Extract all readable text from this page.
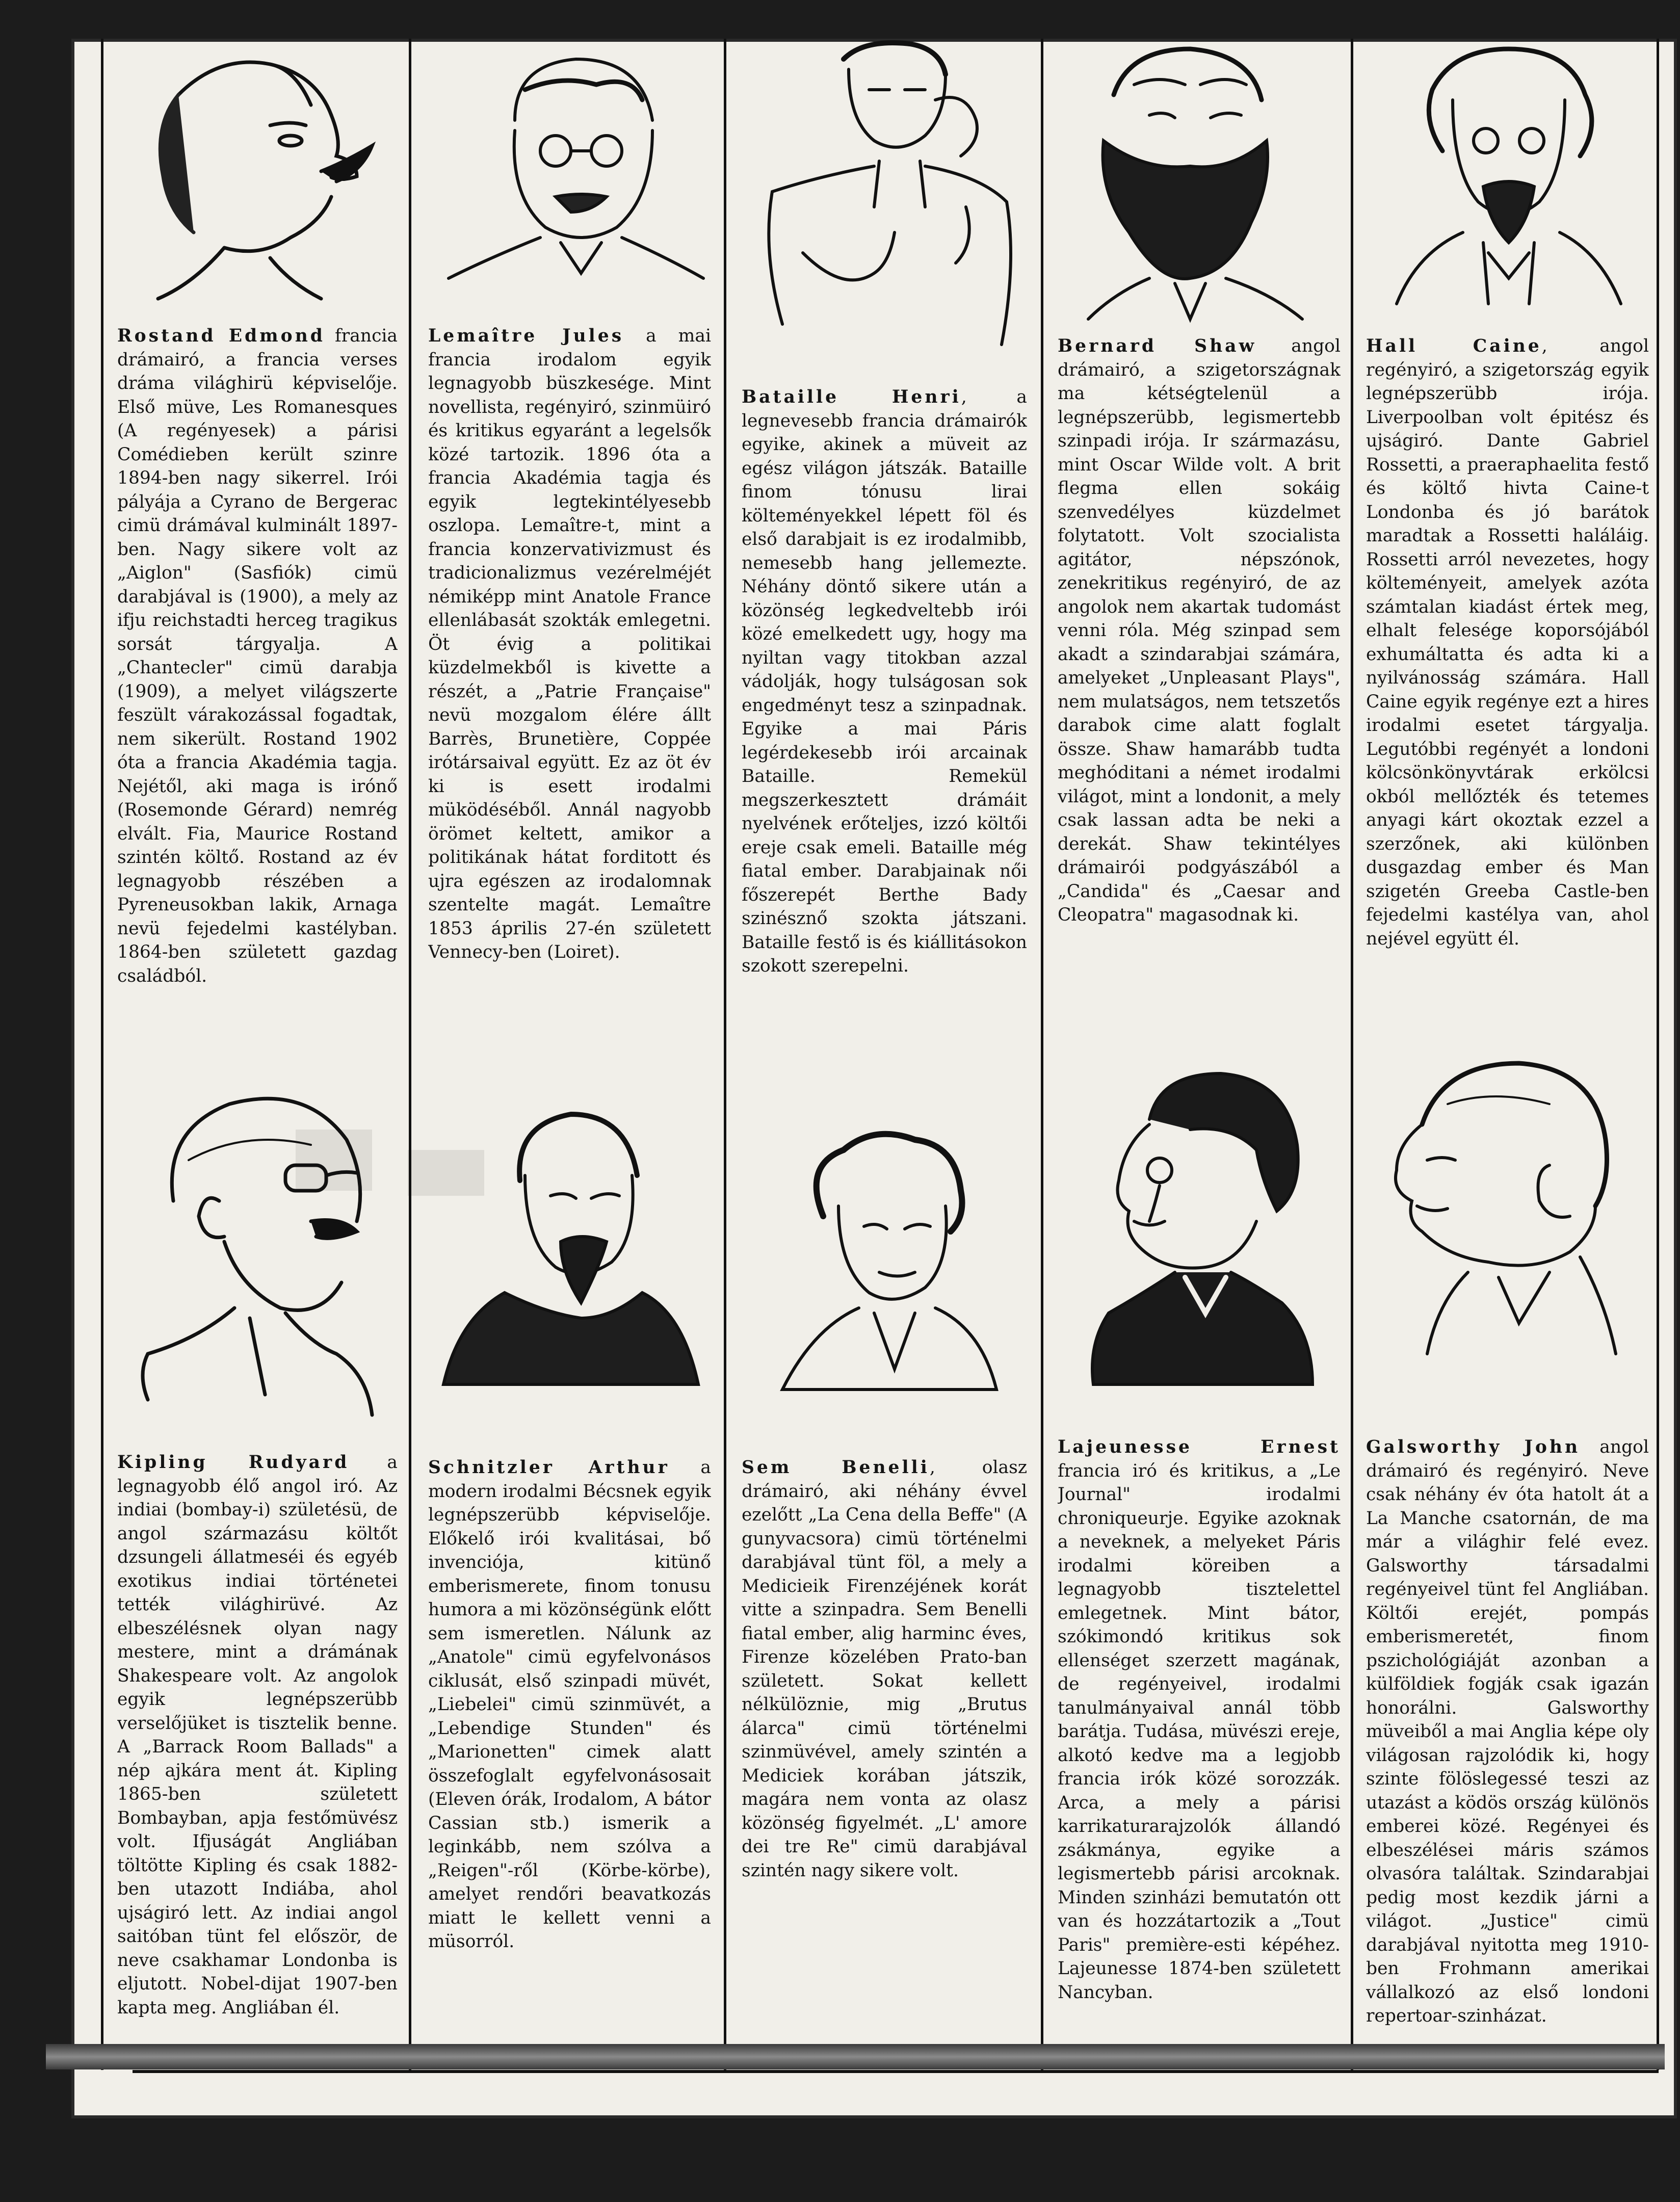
Rostand Edmond francia drámairó, a francia verses dráma világhirü képviselője. Első müve, Les Romanesques (A regényesek) a párisi Comédieben került szinre 1894-ben nagy sikerrel. Irói pályája a Cyrano de Bergerac cimü drámával kulminált 1897-ben. Nagy sikere volt az „Aiglon" (Sasfiók) cimü darabjával is (1900), a mely az ifju reichstadti herceg tragikus sorsát tárgyalja. A „Chantecler" cimü darabja (1909), a melyet világszerte feszült várakozással fogadtak, nem sikerült. Rostand 1902 óta a francia Akadémia tagja. Nejétől, aki maga is irónő (Rosemonde Gérard) nemrég elvált. Fia, Maurice Rostand szintén költő. Rostand az év legnagyobb részében a Pyreneusokban lakik, Arnaga nevü fejedelmi kastélyban. 1864-ben született gazdag családból.

Kipling Rudyard a legnagyobb élő angol iró. Az indiai (bombay-i) születésü, de angol származásu költőt dzsungeli állatmeséi és egyéb exotikus indiai történetei tették világhirüvé. Az elbeszélésnek olyan nagy mestere, mint a drámának Shakespeare volt. Az angolok egyik legnépszerübb verselőjüket is tisztelik benne. A „Barrack Room Ballads" a nép ajkára ment át. Kipling 1865-ben született Bombayban, apja festőmüvész volt. Ifjuságát Angliában töltötte Kipling és csak 1882-ben utazott Indiába, ahol ujságiró lett. Az indiai angol saitóban tünt fel először, de neve csakhamar Londonba is eljutott. Nobel-dijat 1907-ben kapta meg. Angliában él.

Lemaître Jules a mai francia irodalom egyik legnagyobb büszkesége. Mint novellista, regényiró, szinmüiró és kritikus egyaránt a legelsők közé tartozik. 1896 óta a francia Akadémia tagja és egyik legtekintélyesebb oszlopa. Lemaître-t, mint a francia konzervativizmust és tradicionalizmus vezérelméjét némiképp mint Anatole France ellenlábasát szokták emlegetni. Öt évig a politikai küzdelmekből is kivette a részét, a „Patrie Française" nevü mozgalom élére állt Barrès, Brunetière, Coppée irótársaival együtt. Ez az öt év ki is esett irodalmi müködéséből. Annál nagyobb örömet keltett, amikor a politikának hátat forditott és ujra egészen az irodalomnak szentelte magát. Lemaître 1853 április 27-én született Vennecy-ben (Loiret).

Schnitzler Arthur a modern irodalmi Bécsnek egyik legnépszerübb képviselője. Előkelő irói kvalitásai, bő invenciója, kitünő emberismerete, finom tonusu humora a mi közönségünk előtt sem ismeretlen. Nálunk az „Anatole" cimü egyfelvonásos ciklusát, első szinpadi müvét, „Liebelei" cimü szinmüvét, a „Lebendige Stunden" és „Marionetten" cimek alatt összefoglalt egyfelvonásosait (Eleven órák, Irodalom, A bátor Cassian stb.) ismerik a leginkább, nem szólva a „Reigen"-ről (Körbe-körbe), amelyet rendőri beavatkozás miatt le kellett venni a müsorról.

Bataille Henri, a legnevesebb francia drámairók egyike, akinek a müveit az egész világon játszák. Bataille finom tónusu lirai költeményekkel lépett föl és első darabjait is ez irodalmibb, nemesebb hang jellemezte. Néhány döntő sikere után a közönség legkedveltebb irói közé emelkedett ugy, hogy ma nyiltan vagy titokban azzal vádolják, hogy tulságosan sok engedményt tesz a szinpadnak. Egyike a mai Páris legérdekesebb irói arcainak Bataille. Remekül megszerkesztett drámáit nyelvének erőteljes, izzó költői ereje csak emeli. Bataille még fiatal ember. Darabjainak női főszerepét Berthe Bady szinésznő szokta játszani. Bataille festő is és kiállitásokon szokott szerepelni.

Sem Benelli, olasz drámairó, aki néhány évvel ezelőtt „La Cena della Beffe" (A gunyvacsora) cimü történelmi darabjával tünt föl, a mely a Medicieik Firenzéjének korát vitte a szinpadra. Sem Benelli fiatal ember, alig harminc éves, Firenze közelében Prato-ban született. Sokat kellett nélkülöznie, mig „Brutus álarca" cimü történelmi szinmüvével, amely szintén a Mediciek korában játszik, magára nem vonta az olasz közönség figyelmét. „L' amore dei tre Re" cimü darabjával szintén nagy sikere volt.

Bernard Shaw angol drámairó, a szigetországnak ma kétségtelenül a legnépszerübb, legismertebb szinpadi irója. Ir származásu, mint Oscar Wilde volt. A brit flegma ellen sokáig szenvedélyes küzdelmet folytatott. Volt szocialista agitátor, népszónok, zenekritikus regényiró, de az angolok nem akartak tudomást venni róla. Még szinpad sem akadt a szindarabjai számára, amelyeket „Unpleasant Plays", nem mulatságos, nem tetszetős darabok cime alatt foglalt össze. Shaw hamarább tudta meghóditani a német irodalmi világot, mint a londonit, a mely csak lassan adta be neki a derekát. Shaw tekintélyes drámairói podgyászából a „Candida" és „Caesar and Cleopatra" magasodnak ki.

Lajeunesse Ernest francia iró és kritikus, a „Le Journal" irodalmi chroniqueurje. Egyike azoknak a neveknek, a melyeket Páris irodalmi köreiben a legnagyobb tisztelettel emlegetnek. Mint bátor, szókimondó kritikus sok ellenséget szerzett magának, de regényeivel, irodalmi tanulmányaival annál több barátja. Tudása, müvészi ereje, alkotó kedve ma a legjobb francia irók közé sorozzák. Arca, a mely a párisi karrikaturarajzolók állandó zsákmánya, egyike a legismertebb párisi arcoknak. Minden szinházi bemutatón ott van és hozzátartozik a „Tout Paris" première-esti képéhez. Lajeunesse 1874-ben született Nancyban.

Hall Caine, angol regényiró, a szigetország egyik legnépszerübb irója. Liverpoolban volt épitész és ujságiró. Dante Gabriel Rossetti, a praeraphaelita festő és költő hivta Caine-t Londonba és jó barátok maradtak a Rossetti haláláig. Rossetti arról nevezetes, hogy költeményeit, amelyek azóta számtalan kiadást értek meg, elhalt felesége koporsójából exhumáltatta és adta ki a nyilvánosság számára. Hall Caine egyik regénye ezt a hires irodalmi esetet tárgyalja. Legutóbbi regényét a londoni kölcsönkönyvtárak erkölcsi okból mellőzték és tetemes anyagi kárt okoztak ezzel a szerzőnek, aki különben dusgazdag ember és Man szigetén Greeba Castle-ben fejedelmi kastélya van, ahol nejével együtt él.

Galsworthy John angol drámairó és regényiró. Neve csak néhány év óta hatolt át a La Manche csatornán, de ma már a világhir felé evez. Galsworthy társadalmi regényeivel tünt fel Angliában. Költői erejét, pompás emberismeretét, finom pszichológiáját azonban a külföldiek fogják csak igazán honorálni. Galsworthy müveiből a mai Anglia képe oly világosan rajzolódik ki, hogy szinte fölöslegessé teszi az utazást a ködös ország különös emberei közé. Regényei és elbeszélései máris számos olvasóra találtak. Szindarabjai pedig most kezdik járni a világot. „Justice" cimü darabjával nyitotta meg 1910-ben Frohmann amerikai vállalkozó az első londoni repertoar-szinházat.
